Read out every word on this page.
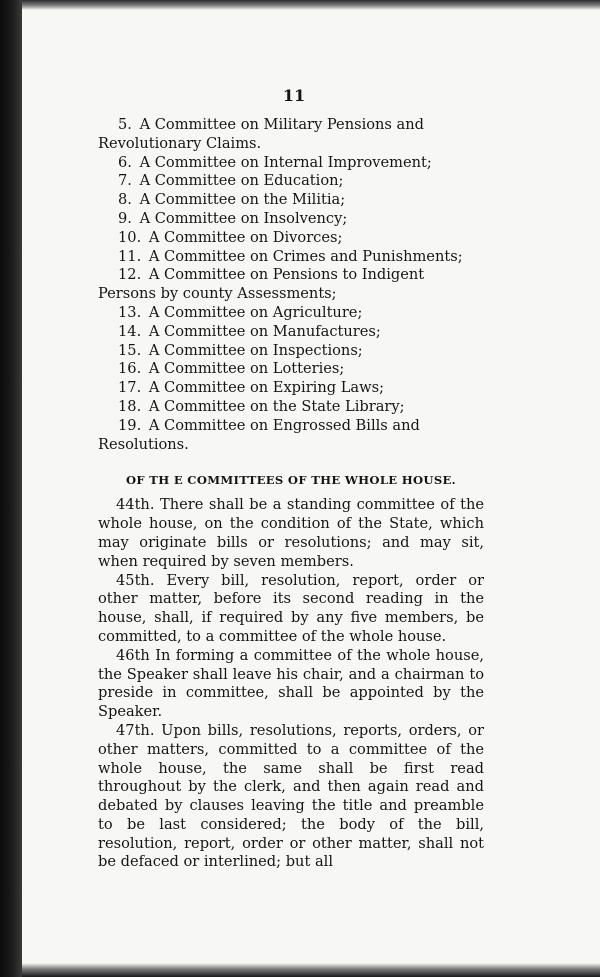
11

5. A Committee on Military Pensions and Revolutionary Claims.

6. A Committee on Internal Improvement;

7. A Committee on Education;

8. A Committee on the Militia;

9. A Committee on Insolvency;

10. A Committee on Divorces;

11. A Committee on Crimes and Punishments;

12. A Committee on Pensions to Indigent Persons by county Assessments;

13. A Committee on Agriculture;

14. A Committee on Manufactures;

15. A Committee on Inspections;

16. A Committee on Lotteries;

17. A Committee on Expiring Laws;

18. A Committee on the State Library;

19. A Committee on Engrossed Bills and Resolutions.

OF TH E COMMITTEES OF THE WHOLE HOUSE.

44th. There shall be a standing committee of the whole house, on the condition of the State, which may originate bills or resolutions; and may sit, when required by seven members.

45th. Every bill, resolution, report, order or other matter, before its second reading in the house, shall, if required by any five members, be committed, to a committee of the whole house.

46th In forming a committee of the whole house, the Speaker shall leave his chair, and a chairman to preside in committee, shall be appointed by the Speaker.

47th. Upon bills, resolutions, reports, orders, or other matters, committed to a committee of the whole house, the same shall be first read throughout by the clerk, and then again read and debated by clauses leaving the title and preamble to be last considered; the body of the bill, resolution, report, order or other matter, shall not be defaced or interlined; but all
